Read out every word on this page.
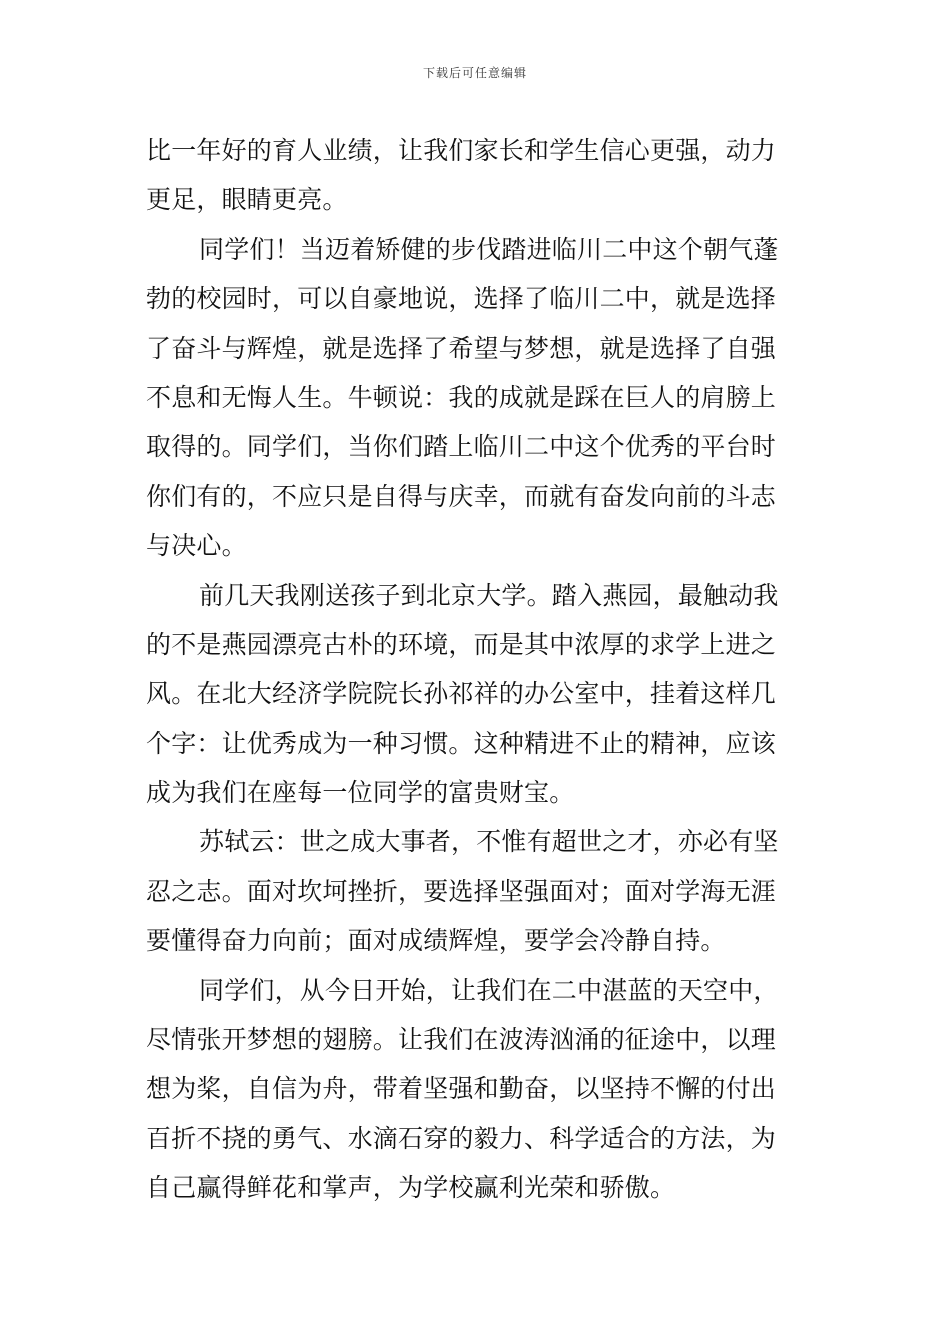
下载后可任意编辑
比一年好的育人业绩，让我们家长和学生信心更强，动力
更足，眼睛更亮。
同学们！当迈着矫健的步伐踏进临川二中这个朝气蓬
勃的校园时，可以自豪地说，选择了临川二中，就是选择
了奋斗与辉煌，就是选择了希望与梦想，就是选择了自强
不息和无悔人生。牛顿说：我的成就是踩在巨人的肩膀上
取得的。同学们，当你们踏上临川二中这个优秀的平台时
你们有的，不应只是自得与庆幸，而就有奋发向前的斗志
与决心。
前几天我刚送孩子到北京大学。踏入燕园，最触动我
的不是燕园漂亮古朴的环境，而是其中浓厚的求学上进之
风。在北大经济学院院长孙祁祥的办公室中，挂着这样几
个字：让优秀成为一种习惯。这种精进不止的精神，应该
成为我们在座每一位同学的富贵财宝。
苏轼云：世之成大事者，不惟有超世之才，亦必有坚
忍之志。面对坎坷挫折，要选择坚强面对；面对学海无涯
要懂得奋力向前；面对成绩辉煌，要学会冷静自持。
同学们，从今日开始，让我们在二中湛蓝的天空中，
尽情张开梦想的翅膀。让我们在波涛汹涌的征途中，以理
想为桨，自信为舟，带着坚强和勤奋，以坚持不懈的付出
百折不挠的勇气、水滴石穿的毅力、科学适合的方法，为
自己赢得鲜花和掌声，为学校赢利光荣和骄傲。
